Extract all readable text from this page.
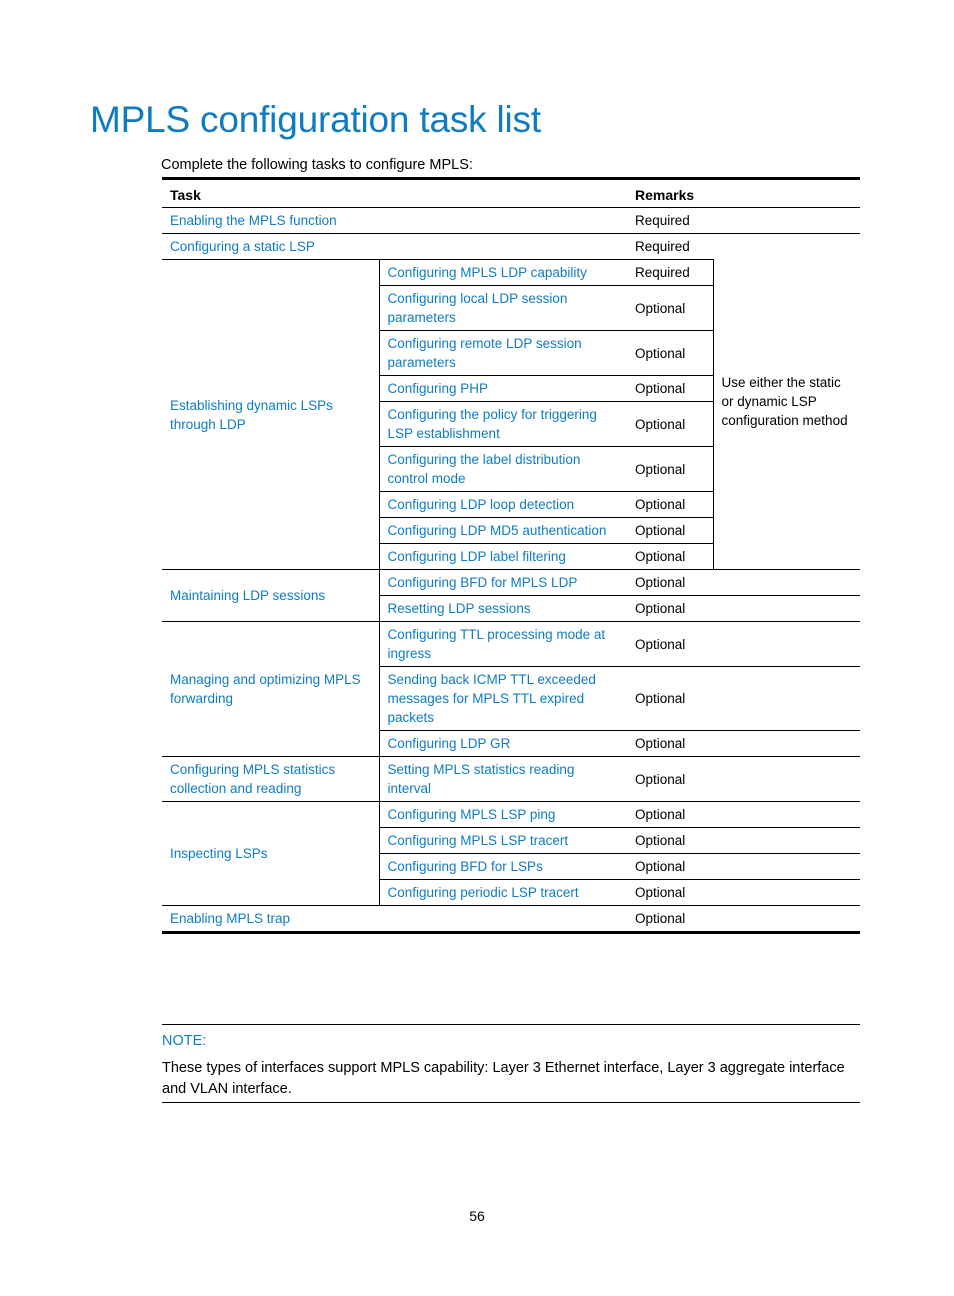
MPLS configuration task list
Complete the following tasks to configure MPLS:
Task		Remarks	
Enabling the MPLS function		Required	
Configuring a static LSP		Required	Use either the static or dynamic LSP configuration method
Establishing dynamic LSPs through LDP	Configuring MPLS LDP capability	Required	
	Configuring local LDP session parameters	Optional	
	Configuring remote LDP session parameters	Optional	
	Configuring PHP	Optional	
	Configuring the policy for triggering LSP establishment	Optional	
	Configuring the label distribution control mode	Optional	
	Configuring LDP loop detection	Optional	
	Configuring LDP MD5 authentication	Optional	
	Configuring LDP label filtering	Optional	
Maintaining LDP sessions	Configuring BFD for MPLS LDP	Optional	
	Resetting LDP sessions	Optional	
Managing and optimizing MPLS forwarding	Configuring TTL processing mode at ingress	Optional	
	Sending back ICMP TTL exceeded messages for MPLS TTL expired packets	Optional	
	Configuring LDP GR	Optional	
Configuring MPLS statistics collection and reading	Setting MPLS statistics reading interval	Optional	
Inspecting LSPs	Configuring MPLS LSP ping	Optional	
	Configuring MPLS LSP tracert	Optional	
	Configuring BFD for LSPs	Optional	
	Configuring periodic LSP tracert	Optional	
Enabling MPLS trap		Optional	
NOTE:
These types of interfaces support MPLS capability: Layer 3 Ethernet interface, Layer 3 aggregate interface and VLAN interface.
56
